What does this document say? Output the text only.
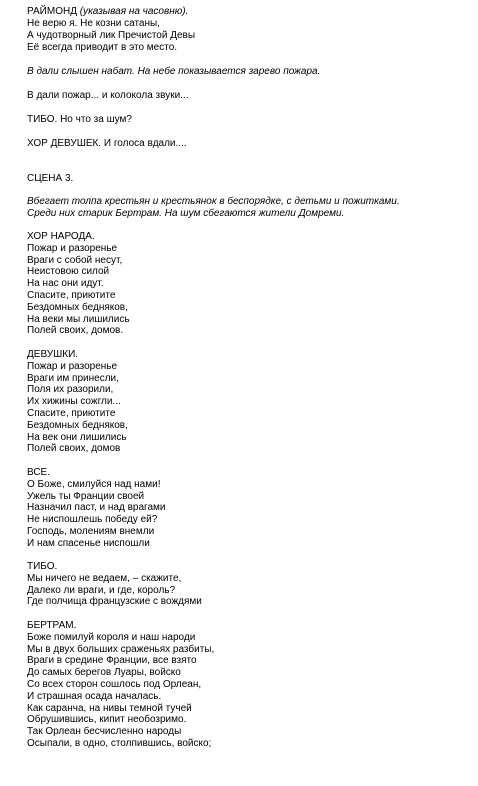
РАЙМОНД (указывая на часовню).
Не верю я. Не козни сатаны,
А чудотворный лик Пречистой Девы
Её всегда приводит в это место.
В дали слышен набат. На небе показывается зарево пожара.
В дали пожар... и колокола звуки...
ТИБО. Но что за шум?
ХОР ДЕВУШЕК. И голоса вдали....
СЦЕНА 3.
Вбегает толпа крестьян и крестьянок в беспорядке, с детьми и пожитками.
Среди них старик Бертрам. На шум сбегаются жители Домреми.
ХОР НАРОДА.
Пожар и разоренье
Враги с собой несут,
Неистовою силой
На нас они идут.
Спасите, приютите
Бездомных бедняков,
На веки мы лишились
Полей своих, домов.
ДЕВУШКИ.
Пожар и разоренье
Враги им принесли,
Поля их разорили,
Их хижины сожгли...
Спасите, приютите
Бездомных бедняков,
На век они лишились
Полей своих, домов
ВСЕ.
О Боже, смилуйся над нами!
Ужель ты Франции своей
Назначил паст, и над врагами
Не ниспошлешь победу ей?
Господь, молениям внемли
И нам спасенье ниспошли
ТИБО.
Мы ничего не ведаем, – скажите,
Далеко ли враги, и где, король?
Где полчища французские с вождями
БЕРТРАМ.
Боже помилуй короля и наш народи
Мы в двух больших сраженьях разбиты,
Враги в средине Франции, все взято
До самых берегов Луары, войско
Со всех сторон сошлось под Орлеан,
И страшная осада началась.
Как саранча, на нивы темной тучей
Обрушившись, кипит необозримо.
Так Орлеан бесчисленно народы
Осыпали, в одно, столпившись, войско;
